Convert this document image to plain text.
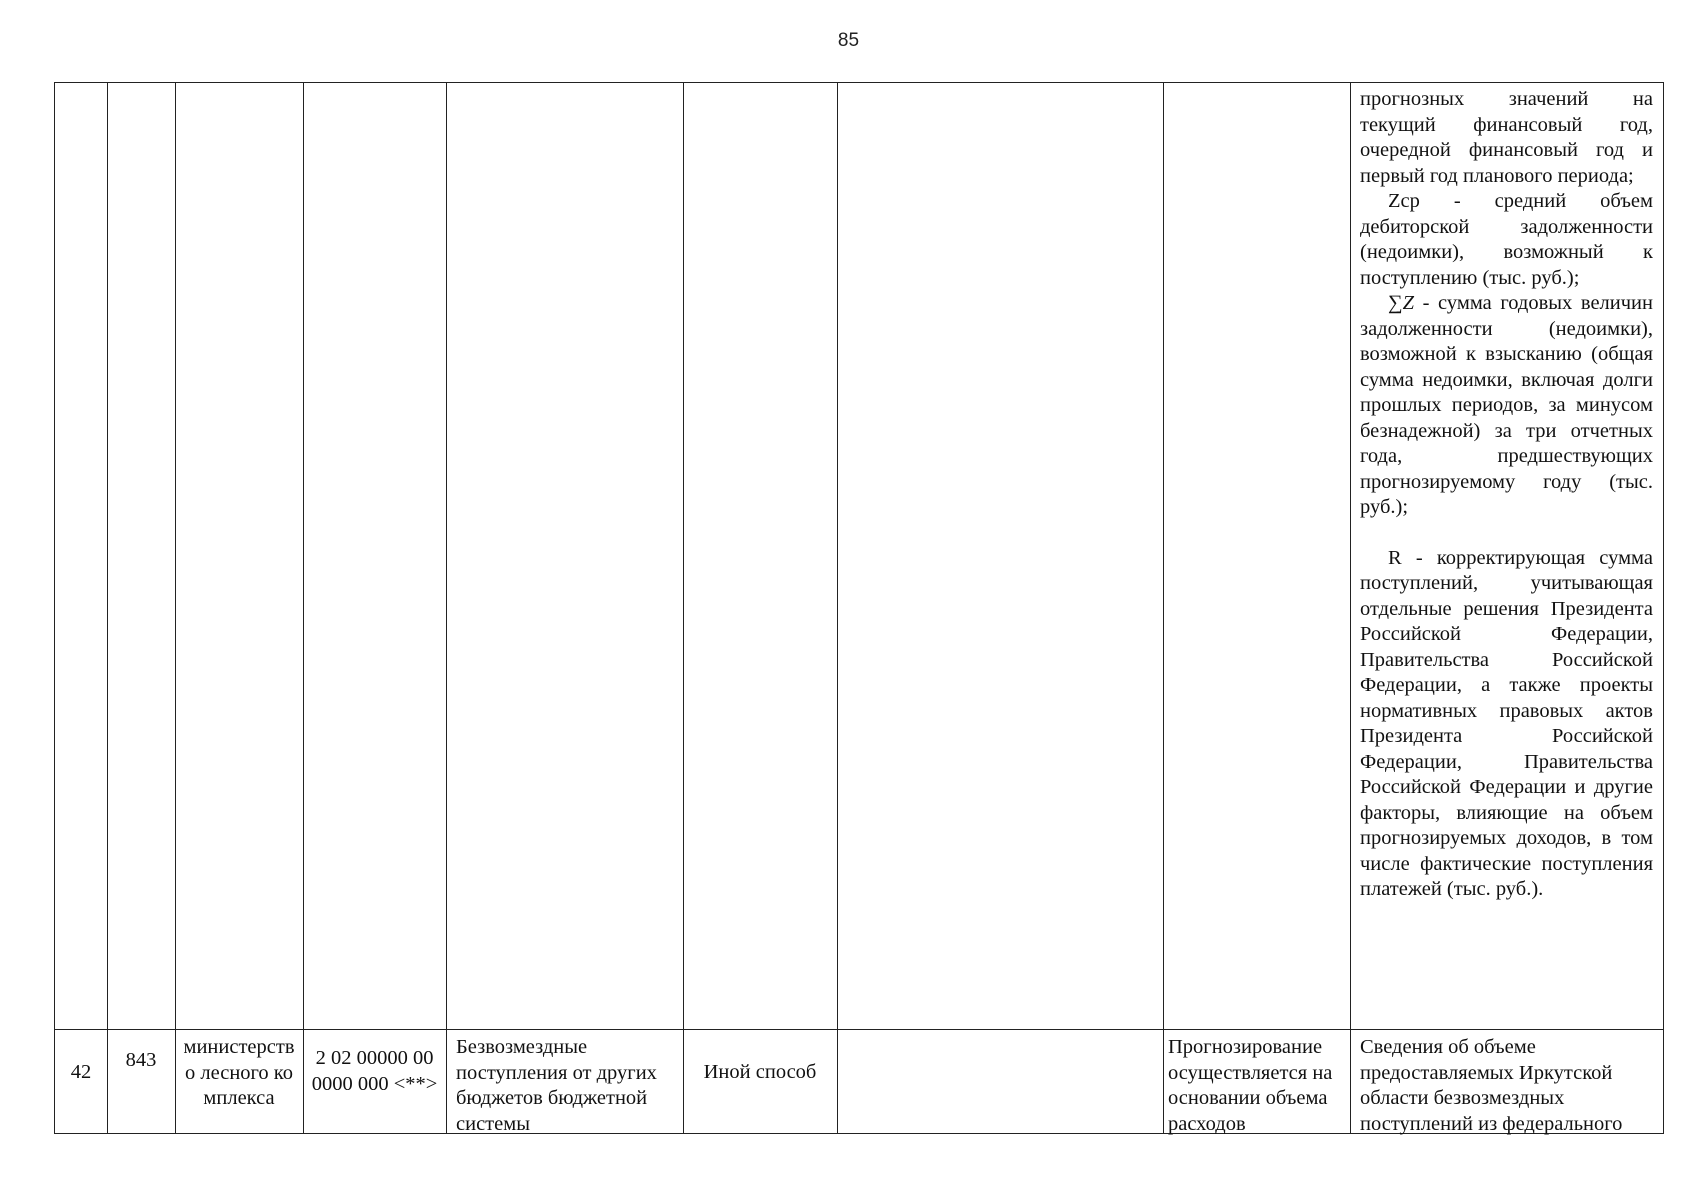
85

прогнозных значений на текущий финансовый год, очередной финансовый год и первый год планового периода;

Zср - средний объем дебиторской задолженности (недоимки), возможный к поступлению (тыс. руб.);

∑Z - сумма годовых величин задолженности (недоимки), возможной к взысканию (общая сумма недоимки, включая долги прошлых периодов, за минусом безнадежной) за три отчетных года, предшествующих прогнозируемому году (тыс. руб.);

R - корректирующая сумма поступлений, учитывающая отдельные решения Президента Российской Федерации, Правительства Российской Федерации, а также проекты нормативных правовых актов Президента Российской Федерации, Правительства Российской Федерации и другие факторы, влияющие на объем прогнозируемых доходов, в том числе фактические поступления платежей (тыс. руб.).

42
843
министерство лесного комплекса
2 02 00000 00 0000 000 <**>
Безвозмездные поступления от других бюджетов бюджетной системы
Иной способ
Прогнозирование осуществляется на основании объема расходов
Сведения об объеме предоставляемых Иркутской области безвозмездных поступлений из федерального
